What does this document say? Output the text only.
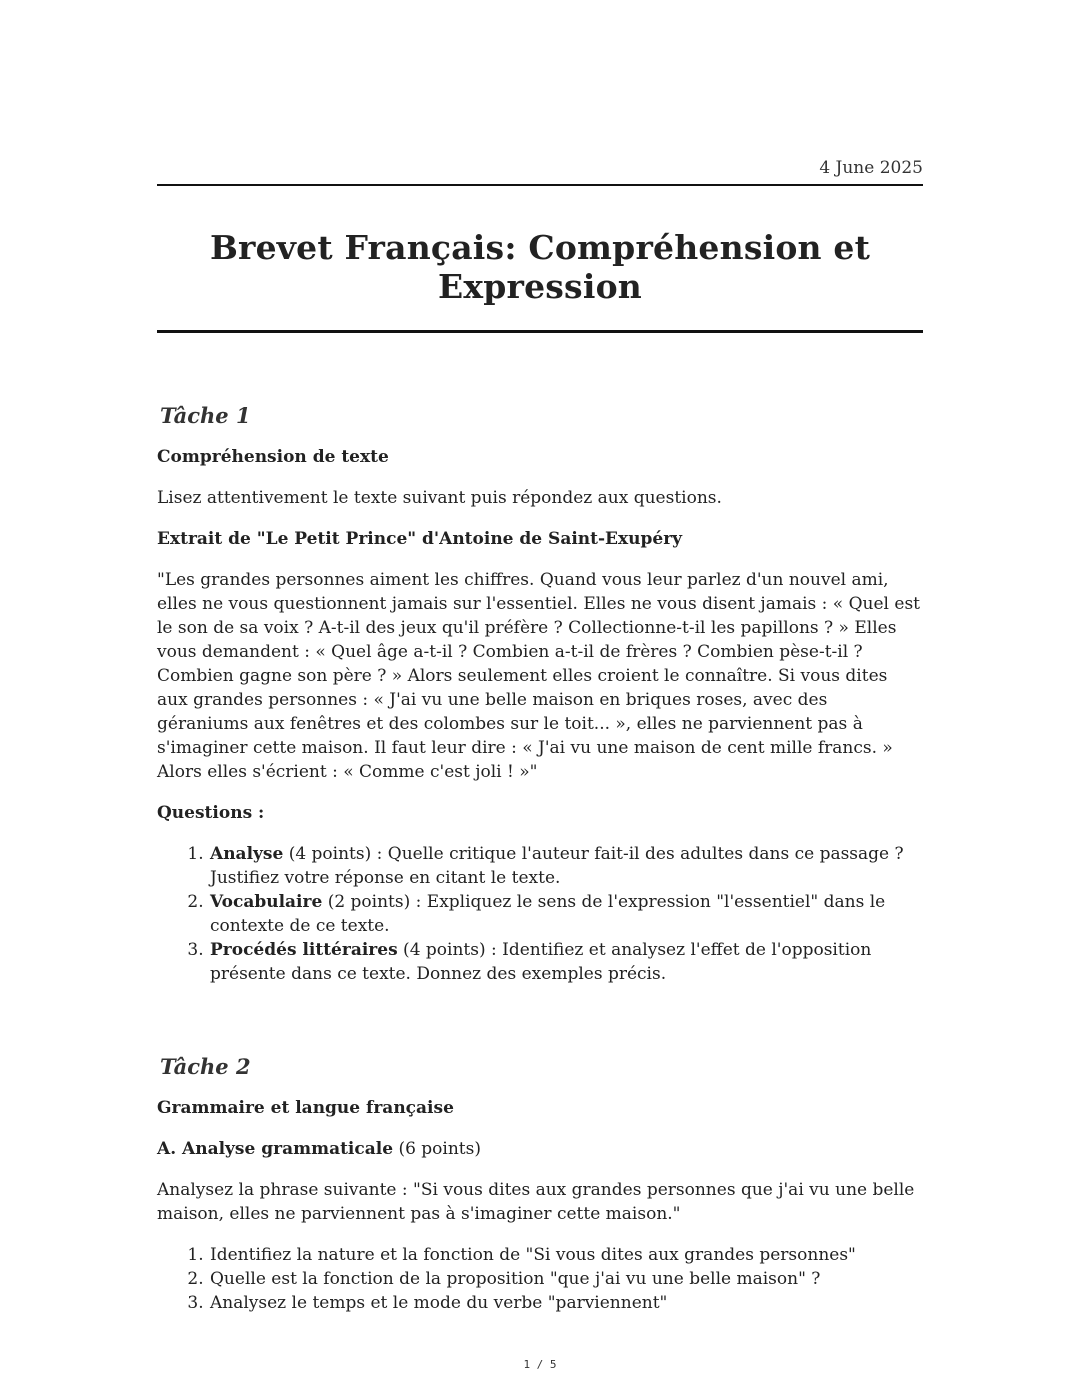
4 June 2025
Brevet Français: Compréhension et Expression
Tâche 1

Compréhension de texte

Lisez attentivement le texte suivant puis répondez aux questions.

Extrait de "Le Petit Prince" d'Antoine de Saint-Exupéry

"Les grandes personnes aiment les chiffres. Quand vous leur parlez d'un nouvel ami, elles ne vous questionnent jamais sur l'essentiel. Elles ne vous disent jamais : « Quel est le son de sa voix ? A-t-il des jeux qu'il préfère ? Collectionne-t-il les papillons ? » Elles vous demandent : « Quel âge a-t-il ? Combien a-t-il de frères ? Combien pèse-t-il ? Combien gagne son père ? » Alors seulement elles croient le connaître. Si vous dites aux grandes personnes : « J'ai vu une belle maison en briques roses, avec des géraniums aux fenêtres et des colombes sur le toit... », elles ne parviennent pas à s'imaginer cette maison. Il faut leur dire : « J'ai vu une maison de cent mille francs. » Alors elles s'écrient : « Comme c'est joli ! »"

Questions :

1. Analyse (4 points) : Quelle critique l'auteur fait-il des adultes dans ce passage ? Justifiez votre réponse en citant le texte.
2. Vocabulaire (2 points) : Expliquez le sens de l'expression "l'essentiel" dans le contexte de ce texte.
3. Procédés littéraires (4 points) : Identifiez et analysez l'effet de l'opposition présente dans ce texte. Donnez des exemples précis.
Tâche 2

Grammaire et langue française

A. Analyse grammaticale (6 points)

Analysez la phrase suivante : "Si vous dites aux grandes personnes que j'ai vu une belle maison, elles ne parviennent pas à s'imaginer cette maison."

1. Identifiez la nature et la fonction de "Si vous dites aux grandes personnes"
2. Quelle est la fonction de la proposition "que j'ai vu une belle maison" ?
3. Analysez le temps et le mode du verbe "parviennent"
1 / 5
